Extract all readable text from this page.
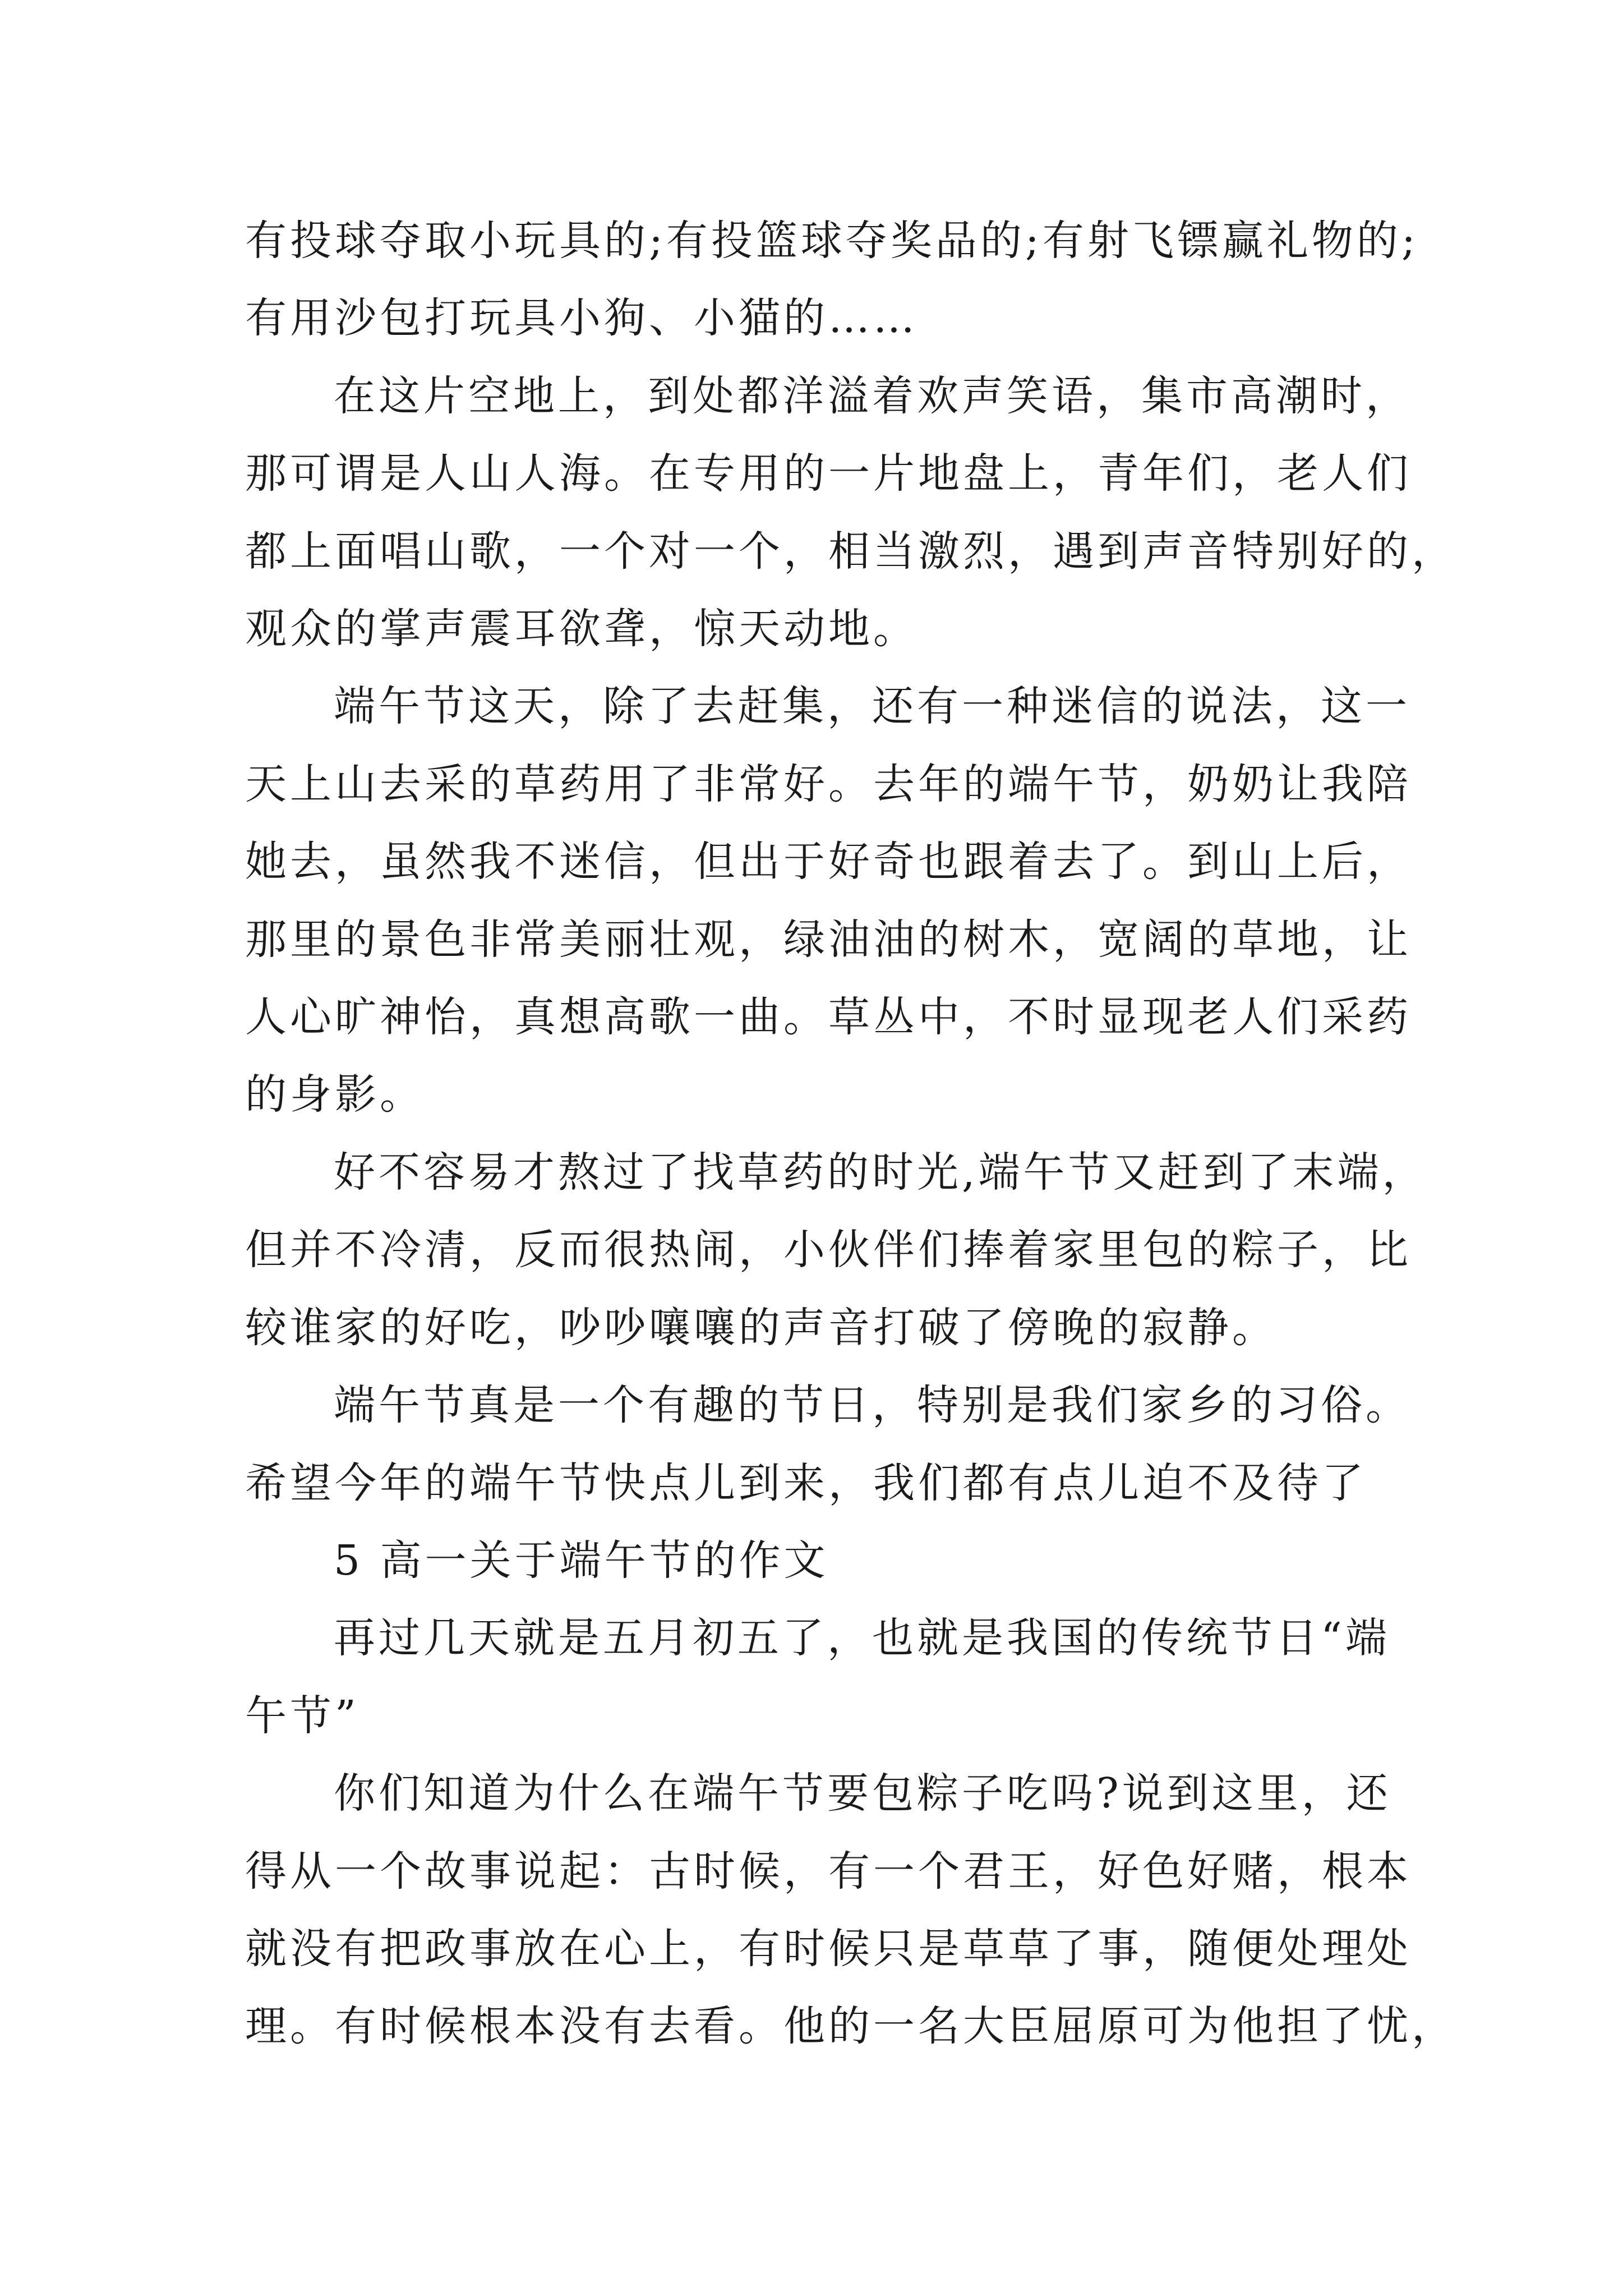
有投球夺取小玩具的;有投篮球夺奖品的;有射飞镖赢礼物的;
有用沙包打玩具小狗、小猫的……
在这片空地上，到处都洋溢着欢声笑语，集市高潮时，
那可谓是人山人海。在专用的一片地盘上，青年们，老人们
都上面唱山歌，一个对一个，相当激烈，遇到声音特别好的，
观众的掌声震耳欲聋，惊天动地。
端午节这天，除了去赶集，还有一种迷信的说法，这一
天上山去采的草药用了非常好。去年的端午节，奶奶让我陪
她去，虽然我不迷信，但出于好奇也跟着去了。到山上后，
那里的景色非常美丽壮观，绿油油的树木，宽阔的草地，让
人心旷神怡，真想高歌一曲。草丛中，不时显现老人们采药
的身影。
好不容易才熬过了找草药的时光,端午节又赶到了末端，
但并不冷清，反而很热闹，小伙伴们捧着家里包的粽子，比
较谁家的好吃，吵吵嚷嚷的声音打破了傍晚的寂静。
端午节真是一个有趣的节日，特别是我们家乡的习俗。
希望今年的端午节快点儿到来，我们都有点儿迫不及待了
5 高一关于端午节的作文
再过几天就是五月初五了，也就是我国的传统节日“端
午节”
你们知道为什么在端午节要包粽子吃吗?说到这里，还
得从一个故事说起：古时候，有一个君王，好色好赌，根本
就没有把政事放在心上，有时候只是草草了事，随便处理处
理。有时候根本没有去看。他的一名大臣屈原可为他担了忧，
